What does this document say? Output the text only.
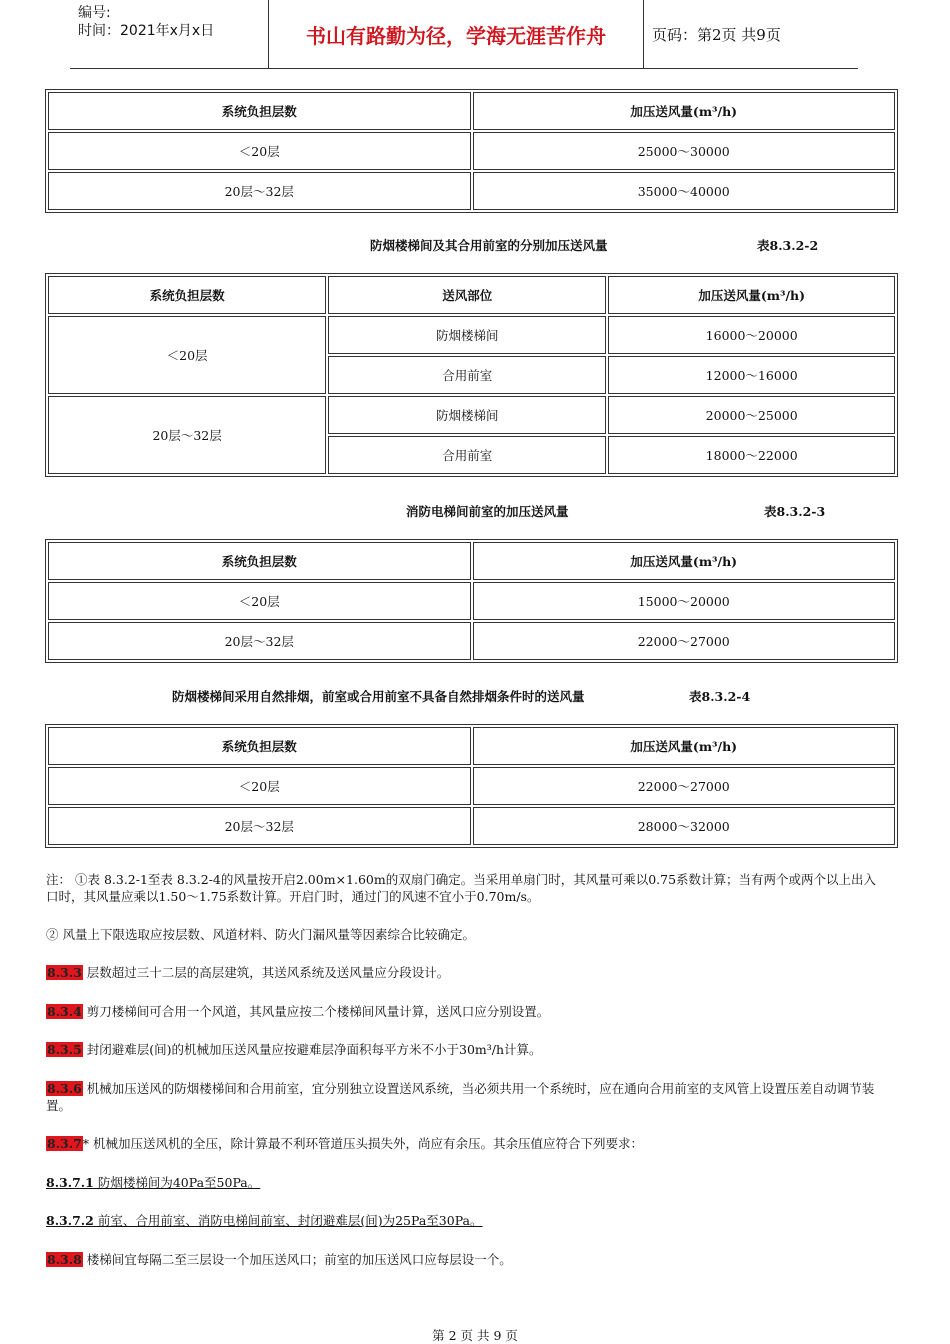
编号:
时间：2021年x月x日	书山有路勤为径，学海无涯苦作舟	页码：第2页 共9页
系统负担层数	加压送风量(m³/h)
＜20层	25000～30000
20层～32层	35000～40000
防烟楼梯间及其合用前室的分别加压送风量	表8.3.2-2
系统负担层数	送风部位	加压送风量(m³/h)
＜20层	防烟楼梯间	16000～20000
	合用前室	12000～16000
20层～32层	防烟楼梯间	20000～25000
	合用前室	18000～22000
消防电梯间前室的加压送风量	表8.3.2-3
系统负担层数	加压送风量(m³/h)
＜20层	15000～20000
20层～32层	22000～27000
防烟楼梯间采用自然排烟，前室或合用前室不具备自然排烟条件时的送风量	表8.3.2-4
系统负担层数	加压送风量(m³/h)
＜20层	22000～27000
20层～32层	28000～32000
注： ①表 8.3.2-1至表 8.3.2-4的风量按开启2.00m×1.60m的双扇门确定。当采用单扇门时，其风量可乘以0.75系数计算；当有两个或两个以上出入口时，其风量应乘以1.50～1.75系数计算。开启门时，通过门的风速不宜小于0.70m/s。
② 风量上下限选取应按层数、风道材料、防火门漏风量等因素综合比较确定。
8.3.3 层数超过三十二层的高层建筑，其送风系统及送风量应分段设计。
8.3.4 剪刀楼梯间可合用一个风道，其风量应按二个楼梯间风量计算，送风口应分别设置。
8.3.5 封闭避难层(间)的机械加压送风量应按避难层净面积每平方米不小于30m³/h计算。
8.3.6 机械加压送风的防烟楼梯间和合用前室，宜分别独立设置送风系统，当必须共用一个系统时，应在通向合用前室的支风管上设置压差自动调节装置。
8.3.7* 机械加压送风机的全压，除计算最不利环管道压头损失外，尚应有余压。其余压值应符合下列要求：
8.3.7.1 防烟楼梯间为40Pa至50Pa。
8.3.7.2 前室、合用前室、消防电梯间前室、封闭避难层(间)为25Pa至30Pa。
8.3.8 楼梯间宜每隔二至三层设一个加压送风口；前室的加压送风口应每层设一个。
第 2 页 共 9 页
